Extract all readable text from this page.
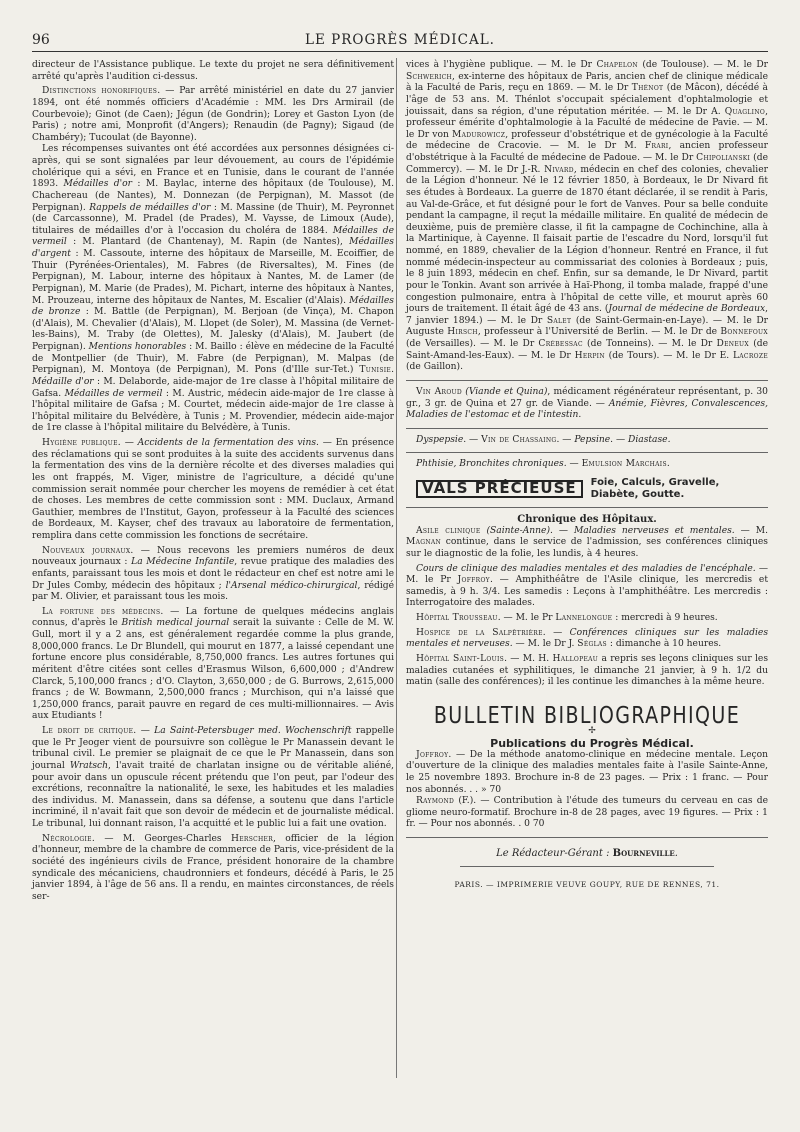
96	LE PROGRÈS MÉDICAL.

directeur de l'Assistance publique. Le texte du projet ne sera définitivement arrêté qu'après l'audition ci-dessus.

Distinctions honorifiques. — Par arrêté ministériel en date du 27 janvier 1894, ont été nommés officiers d'Académie : MM. les Drs Armirail (de Courbevoie); Ginot (de Caen); Jégun (de Gondrin); Lorey et Gaston Lyon (de Paris) ; notre ami, Monprofit (d'Angers); Renaudin (de Pagny); Sigaud (de Chambéry); Tucoulat (de Bayonne).

Les récompenses suivantes ont été accordées aux personnes désignées ci-après, qui se sont signalées par leur dévouement, au cours de l'épidémie cholérique qui a sévi, en France et en Tunisie, dans le courant de l'année 1893. Médailles d'or : M. Baylac, interne des hôpitaux (de Toulouse), M. Chachereau (de Nantes), M. Donnezan (de Perpignan), M. Massot (de Perpignan). Rappels de médailles d'or : M. Massine (de Thuir), M. Peyronnet (de Carcassonne), M. Pradel (de Prades), M. Vaysse, de Limoux (Aude), titulaires de médailles d'or à l'occasion du choléra de 1884. Médailles de vermeil : M. Plantard (de Chantenay), M. Rapin (de Nantes), Médailles d'argent : M. Cassoute, interne des hôpitaux de Marseille, M. Ecoiffier, de Thuir (Pyrénées-Orientales), M. Fabres (de Riversaltes), M. Fines (de Perpignan), M. Labour, interne des hôpitaux à Nantes, M. de Lamer (de Perpignan), M. Marie (de Prades), M. Pichart, interne des hôpitaux à Nantes, M. Prouzeau, interne des hôpitaux de Nantes, M. Escalier (d'Alais). Médailles de bronze : M. Battle (de Perpignan), M. Berjoan (de Vinça), M. Chapon (d'Alais), M. Chevalier (d'Alais), M. Llopet (de Soler), M. Massina (de Vernet-les-Bains), M. Traby (de Olettes), M. Jalesky (d'Alais), M. Jaubert (de Perpignan). Mentions honorables : M. Baillo : élève en médecine de la Faculté de Montpellier (de Thuir), M. Fabre (de Perpignan), M. Malpas (de Perpignan), M. Montoya (de Perpignan), M. Pons (d'Ille sur-Tet.) Tunisie. Médaille d'or : M. Delaborde, aide-major de 1re classe à l'hôpital militaire de Gafsa. Médailles de vermeil : M. Austric, médecin aide-major de 1re classe à l'hôpital militaire de Gafsa ; M. Courtet, médecin aide-major de 1re classe à l'hôpital militaire du Belvédère, à Tunis ; M. Provendier, médecin aide-major de 1re classe à l'hôpital militaire du Belvédère, à Tunis.

Hygiène publique. — Accidents de la fermentation des vins. — En présence des réclamations qui se sont produites à la suite des accidents survenus dans la fermentation des vins de la dernière récolte et des diverses maladies qui les ont frappés, M. Viger, ministre de l'agriculture, a décidé qu'une commission serait nommée pour chercher les moyens de remédier à cet état de choses. Les membres de cette commission sont : MM. Duclaux, Armand Gauthier, membres de l'Institut, Gayon, professeur à la Faculté des sciences de Bordeaux, M. Kayser, chef des travaux au laboratoire de fermentation, remplira dans cette commission les fonctions de secrétaire.

Nouveaux journaux. — Nous recevons les premiers numéros de deux nouveaux journaux : La Médecine Infantile, revue pratique des maladies des enfants, paraissant tous les mois et dont le rédacteur en chef est notre ami le Dr Jules Comby, médecin des hôpitaux ; l'Arsenal médico-chirurgical, rédigé par M. Olivier, et paraissant tous les mois.

La fortune des médecins. — La fortune de quelques médecins anglais connus, d'après le British medical journal serait la suivante : Celle de M. W. Gull, mort il y a 2 ans, est généralement regardée comme la plus grande, 8,000,000 francs. Le Dr Blundell, qui mourut en 1877, a laissé cependant une fortune encore plus considérable, 8,750,000 francs. Les autres fortunes qui méritent d'être citées sont celles d'Erasmus Wilson, 6,600,000 ; d'Andrew Clarck, 5,100,000 francs ; d'O. Clayton, 3,650,000 ; de G. Burrows, 2,615,000 francs ; de W. Bowmann, 2,500,000 francs ; Murchison, qui n'a laissé que 1,250,000 francs, parait pauvre en regard de ces multi-millionnaires. — Avis aux Etudiants !

Le droit de critique. — La Saint-Petersbuger med. Wochenschrift rappelle que le Pr Jeoger vient de poursuivre son collègue le Pr Manassein devant le tribunal civil. Le premier se plaignait de ce que le Pr Manassein, dans son journal Wratsch, l'avait traité de charlatan insigne ou de véritable aliéné, pour avoir dans un opuscule récent prétendu que l'on peut, par l'odeur des excrétions, reconnaître la nationalité, le sexe, les habitudes et les maladies des individus. M. Manassein, dans sa défense, a soutenu que dans l'article incriminé, il n'avait fait que son devoir de médecin et de journaliste médical. Le tribunal, lui donnant raison, l'a acquitté et le public lui a fait une ovation.

Nécrologie. — M. Georges-Charles Herscher, officier de la légion d'honneur, membre de la chambre de commerce de Paris, vice-président de la société des ingénieurs civils de France, président honoraire de la chambre syndicale des mécaniciens, chaudronniers et fondeurs, décédé à Paris, le 25 janvier 1894, à l'âge de 56 ans. Il a rendu, en maintes circonstances, de réels ser-

vices à l'hygiène publique. — M. le Dr Chapelon (de Toulouse). — M. le Dr Schwerich, ex-interne des hôpitaux de Paris, ancien chef de clinique médicale à la Faculté de Paris, reçu en 1869. — M. le Dr Thénot (de Mâcon), décédé à l'âge de 53 ans. M. Thénlot s'occupait spécialement d'ophtalmologie et jouissait, dans sa région, d'une réputation méritée. — M. le Dr A. Quaglino, professeur émérite d'ophtalmologie à la Faculté de médecine de Pavie. — M. le Dr von Madurowicz, professeur d'obstétrique et de gynécologie à la Faculté de médecine de Cracovie. — M. le Dr M. Frari, ancien professeur d'obstétrique à la Faculté de médecine de Padoue. — M. le Dr Chipolianski (de Commercy). — M. le Dr J.-R. Nivard, médecin en chef des colonies, chevalier de la Légion d'honneur. Né le 12 février 1850, à Bordeaux, le Dr Nivard fit ses études à Bordeaux. La guerre de 1870 étant déclarée, il se rendit à Paris, au Val-de-Grâce, et fut désigné pour le fort de Vanves. Pour sa belle conduite pendant la campagne, il reçut la médaille militaire. En qualité de médecin de deuxième, puis de première classe, il fit la campagne de Cochinchine, alla à la Martinique, à Cayenne. Il faisait partie de l'escadre du Nord, lorsqu'il fut nommé, en 1889, chevalier de la Légion d'honneur. Rentré en France, il fut nommé médecin-inspecteur au commissariat des colonies à Bordeaux ; puis, le 8 juin 1893, médecin en chef. Enfin, sur sa demande, le Dr Nivard, partit pour le Tonkin. Avant son arrivée à Haï-Phong, il tomba malade, frappé d'une congestion pulmonaire, entra à l'hôpital de cette ville, et mourut après 60 jours de traitement. Il était âgé de 43 ans. (Journal de médecine de Bordeaux, 7 janvier 1894.) — M. le Dr Salet (de Saint-Germain-en-Laye). — M. le Dr Auguste Hirsch, professeur à l'Université de Berlin. — M. le Dr de Bonnefoux (de Versailles). — M. le Dr Crébessac (de Tonneins). — M. le Dr Deneux (de Saint-Amand-les-Eaux). — M. le Dr Herpin (de Tours). — M. le Dr E. Lacroze (de Gaillon).

Vin Aroud (Viande et Quina), médicament régénérateur représentant, p. 30 gr., 3 gr. de Quina et 27 gr. de Viande. — Anémie, Fièvres, Convalescences, Maladies de l'estomac et de l'intestin.

Dyspepsie. — Vin de Chassaing. — Pepsine. — Diastase.

Phthisie, Bronchites chroniques. — Emulsion Marchais.

VALS PRÉCIEUSE	Foie, Calculs, Gravelle,
Diabète, Goutte.

Chronique des Hôpitaux.

Asile clinique (Sainte-Anne). — Maladies nerveuses et mentales. — M. Magnan continue, dans le service de l'admission, ses conférences cliniques sur le diagnostic de la folie, les lundis, à 4 heures.

Cours de clinique des maladies mentales et des maladies de l'encéphale. — M. le Pr Joffroy. — Amphithéâtre de l'Asile clinique, les mercredis et samedis, à 9 h. 3/4. Les samedis : Leçons à l'amphithéâtre. Les mercredis : Interrogatoire des malades.

Hôpital Trousseau. — M. le Pr Lannelongue : mercredi à 9 heures.

Hospice de la Salpêtrière. — Conférences cliniques sur les maladies mentales et nerveuses. — M. le Dr J. Séglas : dimanche à 10 heures.

Hôpital Saint-Louis. — M. H. Hallopeau a repris ses leçons cliniques sur les maladies cutanées et syphilitiques, le dimanche 21 janvier, à 9 h. 1/2 du matin (salle des conférences); il les continue les dimanches à la même heure.

BULLETIN BIBLIOGRAPHIQUE

✢

Publications du Progrès Médical.

Joffroy. — De la méthode anatomo-clinique en médecine mentale. Leçon d'ouverture de la clinique des maladies mentales faite à l'asile Sainte-Anne, le 25 novembre 1893. Brochure in-8 de 23 pages. — Prix : 1 franc. — Pour nos abonnés. . . » 70

Raymond (F.). — Contribution à l'étude des tumeurs du cerveau en cas de gliome neuro-formatif. Brochure in-8 de 28 pages, avec 19 figures. — Prix : 1 fr. — Pour nos abonnés. . 0 70

Le Rédacteur-Gérant : Bourneville.
PARIS. — IMPRIMERIE VEUVE GOUPY, RUE DE RENNES, 71.
